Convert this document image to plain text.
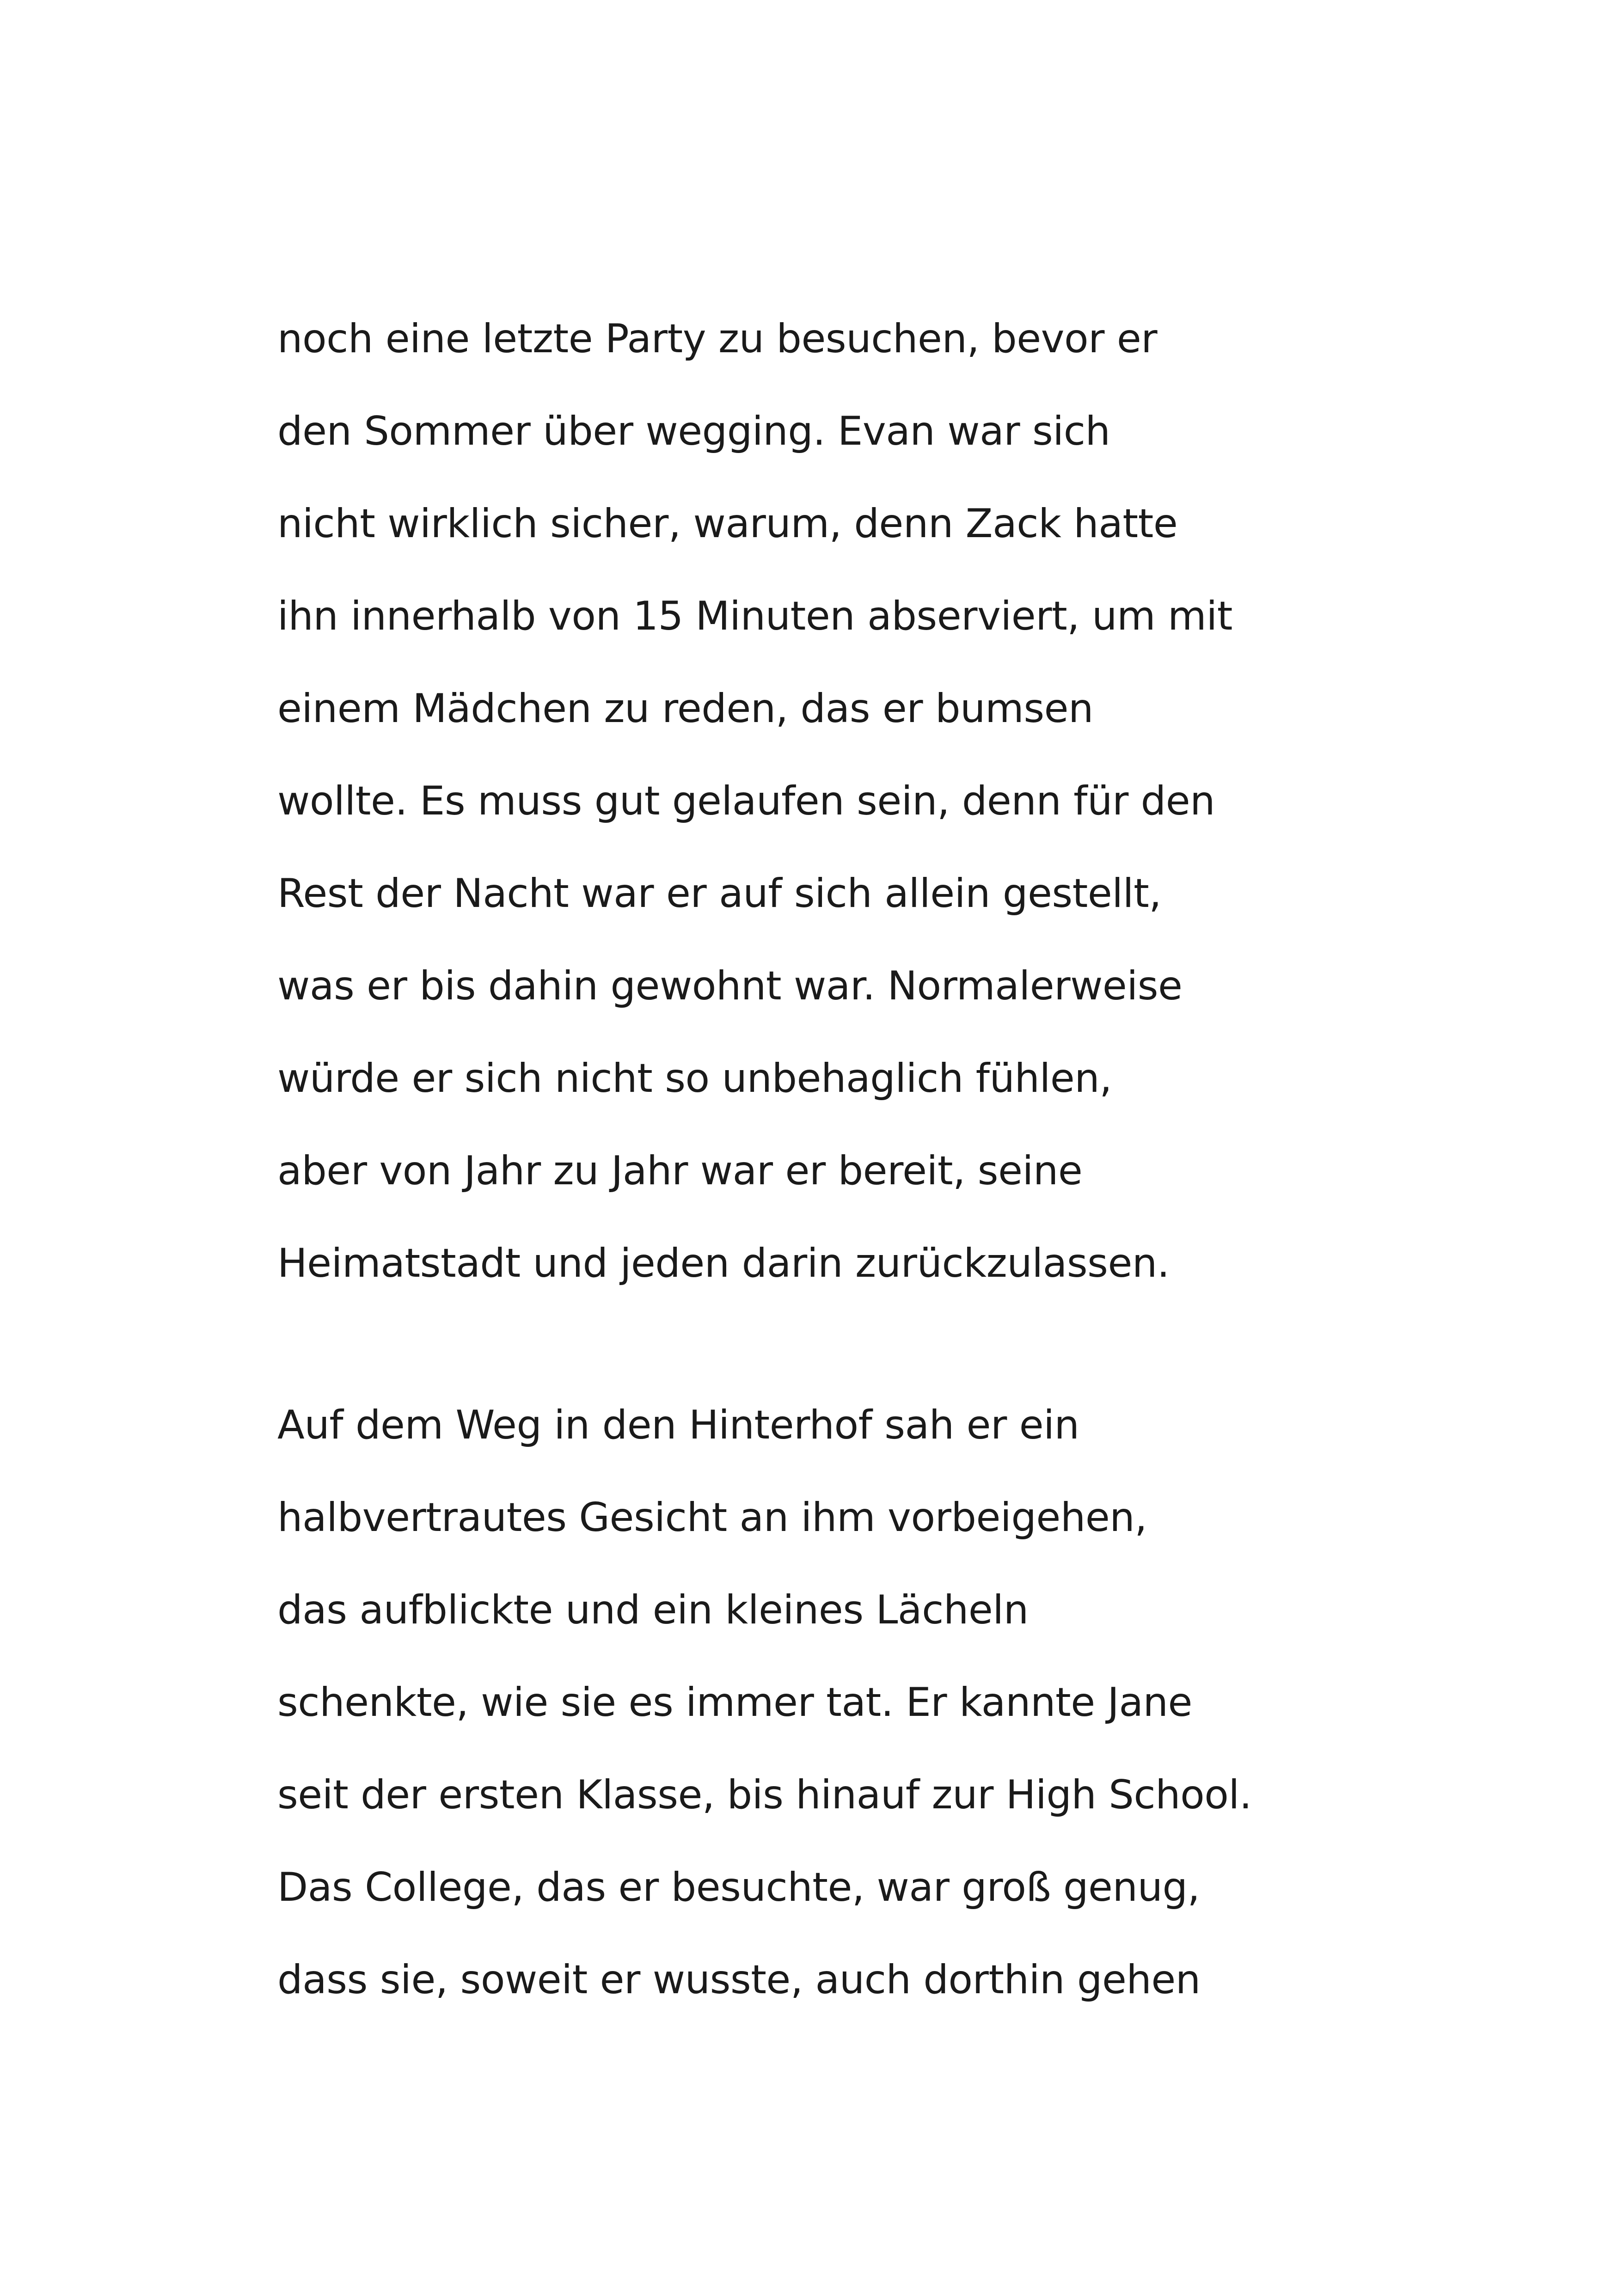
noch eine letzte Party zu besuchen, bevor er

den Sommer über wegging. Evan war sich

nicht wirklich sicher, warum, denn Zack hatte

ihn innerhalb von 15 Minuten abserviert, um mit

einem Mädchen zu reden, das er bumsen

wollte. Es muss gut gelaufen sein, denn für den

Rest der Nacht war er auf sich allein gestellt,

was er bis dahin gewohnt war. Normalerweise

würde er sich nicht so unbehaglich fühlen,

aber von Jahr zu Jahr war er bereit, seine

Heimatstadt und jeden darin zurückzulassen.

Auf dem Weg in den Hinterhof sah er ein

halbvertrautes Gesicht an ihm vorbeigehen,

das aufblickte und ein kleines Lächeln

schenkte, wie sie es immer tat. Er kannte Jane

seit der ersten Klasse, bis hinauf zur High School.

Das College, das er besuchte, war groß genug,

dass sie, soweit er wusste, auch dorthin gehen
